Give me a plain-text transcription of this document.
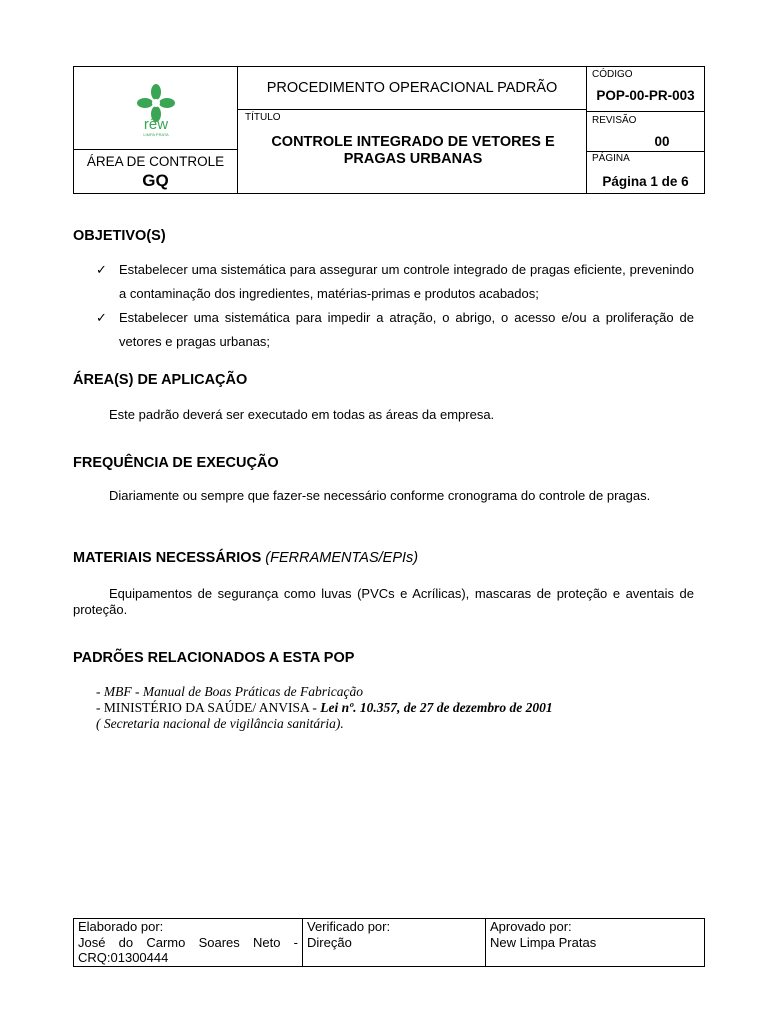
rêw
LIMPA PRATA
ÁREA DE CONTROLE
GQ
PROCEDIMENTO OPERACIONAL PADRÃO
TÍTULO
CONTROLE INTEGRADO DE VETORES E PRAGAS URBANAS
CÓDIGO
POP-00-PR-003
REVISÃO
00
PÁGINA
Página 1 de 6
OBJETIVO(S)
✓ Estabelecer uma sistemática para assegurar um controle integrado de pragas eficiente, prevenindo a contaminação dos ingredientes, matérias-primas e produtos acabados;
✓ Estabelecer uma sistemática para impedir a atração, o abrigo, o acesso e/ou a proliferação de vetores e pragas urbanas;
ÁREA(S) DE APLICAÇÃO
Este padrão deverá ser executado em todas as áreas da empresa.
FREQUÊNCIA DE EXECUÇÃO
Diariamente ou sempre que fazer-se necessário conforme cronograma do controle de pragas.
MATERIAIS NECESSÁRIOS (FERRAMENTAS/EPIs)
Equipamentos de segurança como luvas (PVCs e Acrílicas), mascaras de proteção e aventais de proteção.
PADRÕES RELACIONADOS A ESTA POP
- MBF - Manual de Boas Práticas de Fabricação
- MINISTÉRIO DA SAÚDE/ ANVISA - Lei nº. 10.357, de 27 de dezembro de 2001
( Secretaria nacional de vigilância sanitária).
Elaborado por:
José do Carmo Soares Neto - CRQ:01300444
Verificado por:
Direção
Aprovado por:
New Limpa Pratas
